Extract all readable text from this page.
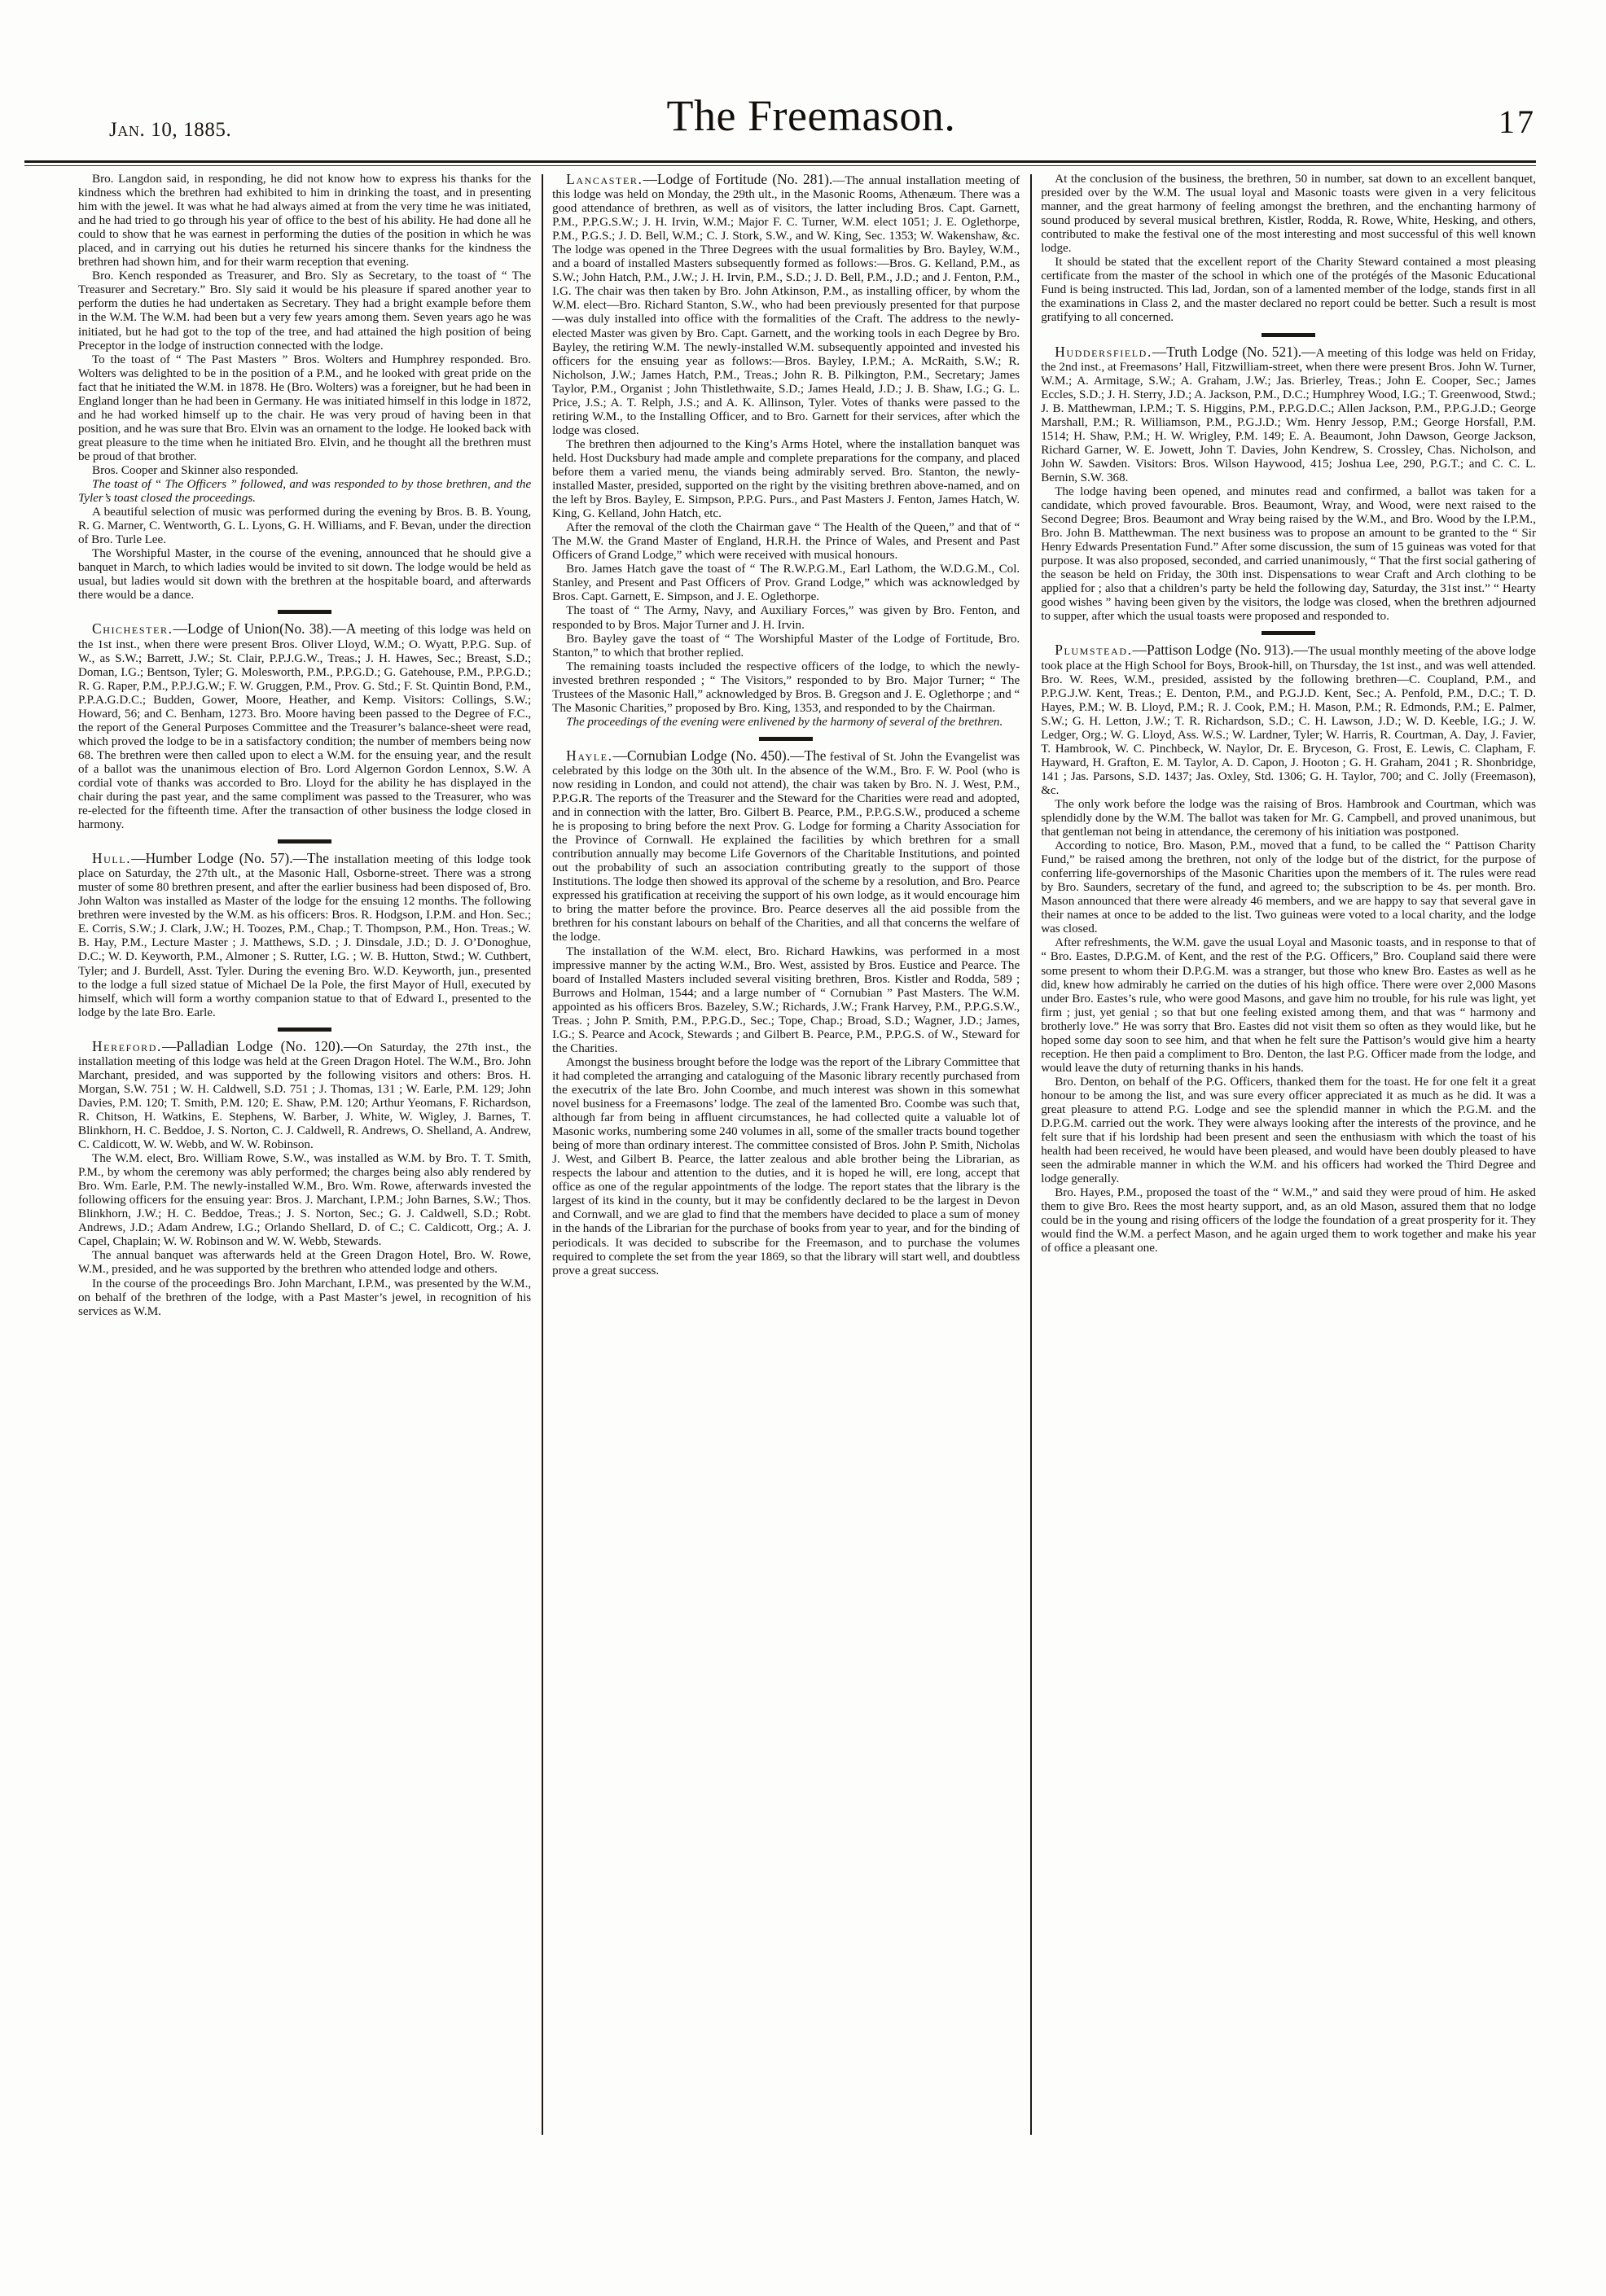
Jan. 10, 1885.	The Freemason.	17

Bro. Langdon said, in responding, he did not know how to express his thanks for the kindness which the brethren had exhibited to him in drinking the toast, and in presenting him with the jewel. It was what he had always aimed at from the very time he was initiated, and he had tried to go through his year of office to the best of his ability. He had done all he could to show that he was earnest in performing the duties of the position in which he was placed, and in carrying out his duties he returned his sincere thanks for the kindness the brethren had shown him, and for their warm reception that evening.

Bro. Kench responded as Treasurer, and Bro. Sly as Secretary, to the toast of “ The Treasurer and Secretary.” Bro. Sly said it would be his pleasure if spared another year to perform the duties he had undertaken as Secretary. They had a bright example before them in the W.M. The W.M. had been but a very few years among them. Seven years ago he was initiated, but he had got to the top of the tree, and had attained the high position of being Preceptor in the lodge of instruction connected with the lodge.

To the toast of “ The Past Masters ” Bros. Wolters and Humphrey responded. Bro. Wolters was delighted to be in the position of a P.M., and he looked with great pride on the fact that he initiated the W.M. in 1878. He (Bro. Wolters) was a foreigner, but he had been in England longer than he had been in Germany. He was initiated himself in this lodge in 1872, and he had worked himself up to the chair. He was very proud of having been in that position, and he was sure that Bro. Elvin was an ornament to the lodge. He looked back with great pleasure to the time when he initiated Bro. Elvin, and he thought all the brethren must be proud of that brother.

Bros. Cooper and Skinner also responded.

The toast of “ The Officers ” followed, and was responded to by those brethren, and the Tyler’s toast closed the proceedings.

A beautiful selection of music was performed during the evening by Bros. B. B. Young, R. G. Marner, C. Wentworth, G. L. Lyons, G. H. Williams, and F. Bevan, under the direction of Bro. Turle Lee.

The Worshipful Master, in the course of the evening, announced that he should give a banquet in March, to which ladies would be invited to sit down. The lodge would be held as usual, but ladies would sit down with the brethren at the hospitable board, and afterwards there would be a dance.

Chichester.—Lodge of Union(No. 38).—A meeting of this lodge was held on the 1st inst., when there were present Bros. Oliver Lloyd, W.M.; O. Wyatt, P.P.G. Sup. of W., as S.W.; Barrett, J.W.; St. Clair, P.P.J.G.W., Treas.; J. H. Hawes, Sec.; Breast, S.D.; Doman, I.G.; Bentson, Tyler; G. Molesworth, P.M., P.P.G.D.; G. Gatehouse, P.M., P.P.G.D.; R. G. Raper, P.M., P.P.J.G.W.; F. W. Gruggen, P.M., Prov. G. Std.; F. St. Quintin Bond, P.M., P.P.A.G.D.C.; Budden, Gower, Moore, Heather, and Kemp. Visitors: Collings, S.W.; Howard, 56; and C. Benham, 1273. Bro. Moore having been passed to the Degree of F.C., the report of the General Purposes Committee and the Treasurer’s balance-sheet were read, which proved the lodge to be in a satisfactory condition; the number of members being now 68. The brethren were then called upon to elect a W.M. for the ensuing year, and the result of a ballot was the unanimous election of Bro. Lord Algernon Gordon Lennox, S.W. A cordial vote of thanks was accorded to Bro. Lloyd for the ability he has displayed in the chair during the past year, and the same compliment was passed to the Treasurer, who was re-elected for the fifteenth time. After the transaction of other business the lodge closed in harmony.

Hull.—Humber Lodge (No. 57).—The installation meeting of this lodge took place on Saturday, the 27th ult., at the Masonic Hall, Osborne-street. There was a strong muster of some 80 brethren present, and after the earlier business had been disposed of, Bro. John Walton was installed as Master of the lodge for the ensuing 12 months. The following brethren were invested by the W.M. as his officers: Bros. R. Hodgson, I.P.M. and Hon. Sec.; E. Corris, S.W.; J. Clark, J.W.; H. Toozes, P.M., Chap.; T. Thompson, P.M., Hon. Treas.; W. B. Hay, P.M., Lecture Master ; J. Matthews, S.D. ; J. Dinsdale, J.D.; D. J. O’Donoghue, D.C.; W. D. Keyworth, P.M., Almoner ; S. Rutter, I.G. ; W. B. Hutton, Stwd.; W. Cuthbert, Tyler; and J. Burdell, Asst. Tyler. During the evening Bro. W.D. Keyworth, jun., presented to the lodge a full sized statue of Michael De la Pole, the first Mayor of Hull, executed by himself, which will form a worthy companion statue to that of Edward I., presented to the lodge by the late Bro. Earle.

Hereford.—Palladian Lodge (No. 120).—On Saturday, the 27th inst., the installation meeting of this lodge was held at the Green Dragon Hotel. The W.M., Bro. John Marchant, presided, and was supported by the following visitors and others: Bros. H. Morgan, S.W. 751 ; W. H. Caldwell, S.D. 751 ; J. Thomas, 131 ; W. Earle, P.M. 129; John Davies, P.M. 120; T. Smith, P.M. 120; E. Shaw, P.M. 120; Arthur Yeomans, F. Richardson, R. Chitson, H. Watkins, E. Stephens, W. Barber, J. White, W. Wigley, J. Barnes, T. Blinkhorn, H. C. Beddoe, J. S. Norton, C. J. Caldwell, R. Andrews, O. Shelland, A. Andrew, C. Caldicott, W. W. Webb, and W. W. Robinson.

The W.M. elect, Bro. William Rowe, S.W., was installed as W.M. by Bro. T. T. Smith, P.M., by whom the ceremony was ably performed; the charges being also ably rendered by Bro. Wm. Earle, P.M. The newly-installed W.M., Bro. Wm. Rowe, afterwards invested the following officers for the ensuing year: Bros. J. Marchant, I.P.M.; John Barnes, S.W.; Thos. Blinkhorn, J.W.; H. C. Beddoe, Treas.; J. S. Norton, Sec.; G. J. Caldwell, S.D.; Robt. Andrews, J.D.; Adam Andrew, I.G.; Orlando Shellard, D. of C.; C. Caldicott, Org.; A. J. Capel, Chaplain; W. W. Robinson and W. W. Webb, Stewards.

The annual banquet was afterwards held at the Green Dragon Hotel, Bro. W. Rowe, W.M., presided, and he was supported by the brethren who attended lodge and others.

In the course of the proceedings Bro. John Marchant, I.P.M., was presented by the W.M., on behalf of the brethren of the lodge, with a Past Master’s jewel, in recognition of his services as W.M.

Lancaster.—Lodge of Fortitude (No. 281).—The annual installation meeting of this lodge was held on Monday, the 29th ult., in the Masonic Rooms, Athenæum. There was a good attendance of brethren, as well as of visitors, the latter including Bros. Capt. Garnett, P.M., P.P.G.S.W.; J. H. Irvin, W.M.; Major F. C. Turner, W.M. elect 1051; J. E. Oglethorpe, P.M., P.G.S.; J. D. Bell, W.M.; C. J. Stork, S.W., and W. King, Sec. 1353; W. Wakenshaw, &c. The lodge was opened in the Three Degrees with the usual formalities by Bro. Bayley, W.M., and a board of installed Masters subsequently formed as follows:—Bros. G. Kelland, P.M., as S.W.; John Hatch, P.M., J.W.; J. H. Irvin, P.M., S.D.; J. D. Bell, P.M., J.D.; and J. Fenton, P.M., I.G. The chair was then taken by Bro. John Atkinson, P.M., as installing officer, by whom the W.M. elect—Bro. Richard Stanton, S.W., who had been previously presented for that purpose—was duly installed into office with the formalities of the Craft. The address to the newly-elected Master was given by Bro. Capt. Garnett, and the working tools in each Degree by Bro. Bayley, the retiring W.M. The newly-installed W.M. subsequently appointed and invested his officers for the ensuing year as follows:—Bros. Bayley, I.P.M.; A. McRaith, S.W.; R. Nicholson, J.W.; James Hatch, P.M., Treas.; John R. B. Pilkington, P.M., Secretary; James Taylor, P.M., Organist ; John Thistlethwaite, S.D.; James Heald, J.D.; J. B. Shaw, I.G.; G. L. Price, J.S.; A. T. Relph, J.S.; and A. K. Allinson, Tyler. Votes of thanks were passed to the retiring W.M., to the Installing Officer, and to Bro. Garnett for their services, after which the lodge was closed.

The brethren then adjourned to the King’s Arms Hotel, where the installation banquet was held. Host Ducksbury had made ample and complete preparations for the company, and placed before them a varied menu, the viands being admirably served. Bro. Stanton, the newly-installed Master, presided, supported on the right by the visiting brethren above-named, and on the left by Bros. Bayley, E. Simpson, P.P.G. Purs., and Past Masters J. Fenton, James Hatch, W. King, G. Kelland, John Hatch, etc.

After the removal of the cloth the Chairman gave “ The Health of the Queen,” and that of “ The M.W. the Grand Master of England, H.R.H. the Prince of Wales, and Present and Past Officers of Grand Lodge,” which were received with musical honours.

Bro. James Hatch gave the toast of “ The R.W.P.G.M., Earl Lathom, the W.D.G.M., Col. Stanley, and Present and Past Officers of Prov. Grand Lodge,” which was acknowledged by Bros. Capt. Garnett, E. Simpson, and J. E. Oglethorpe.

The toast of “ The Army, Navy, and Auxiliary Forces,” was given by Bro. Fenton, and responded to by Bros. Major Turner and J. H. Irvin.

Bro. Bayley gave the toast of “ The Worshipful Master of the Lodge of Fortitude, Bro. Stanton,” to which that brother replied.

The remaining toasts included the respective officers of the lodge, to which the newly-invested brethren responded ; “ The Visitors,” responded to by Bro. Major Turner; “ The Trustees of the Masonic Hall,” acknowledged by Bros. B. Gregson and J. E. Oglethorpe ; and “ The Masonic Charities,” proposed by Bro. King, 1353, and responded to by the Chairman.

The proceedings of the evening were enlivened by the harmony of several of the brethren.

Hayle.—Cornubian Lodge (No. 450).—The festival of St. John the Evangelist was celebrated by this lodge on the 30th ult. In the absence of the W.M., Bro. F. W. Pool (who is now residing in London, and could not attend), the chair was taken by Bro. N. J. West, P.M., P.P.G.R. The reports of the Treasurer and the Steward for the Charities were read and adopted, and in connection with the latter, Bro. Gilbert B. Pearce, P.M., P.P.G.S.W., produced a scheme he is proposing to bring before the next Prov. G. Lodge for forming a Charity Association for the Province of Cornwall. He explained the facilities by which brethren for a small contribution annually may become Life Governors of the Charitable Institutions, and pointed out the probability of such an association contributing greatly to the support of those Institutions. The lodge then showed its approval of the scheme by a resolution, and Bro. Pearce expressed his gratification at receiving the support of his own lodge, as it would encourage him to bring the matter before the province. Bro. Pearce deserves all the aid possible from the brethren for his constant labours on behalf of the Charities, and all that concerns the welfare of the lodge.

The installation of the W.M. elect, Bro. Richard Hawkins, was performed in a most impressive manner by the acting W.M., Bro. West, assisted by Bros. Eustice and Pearce. The board of Installed Masters included several visiting brethren, Bros. Kistler and Rodda, 589 ; Burrows and Holman, 1544; and a large number of “ Cornubian ” Past Masters. The W.M. appointed as his officers Bros. Bazeley, S.W.; Richards, J.W.; Frank Harvey, P.M., P.P.G.S.W., Treas. ; John P. Smith, P.M., P.P.G.D., Sec.; Tope, Chap.; Broad, S.D.; Wagner, J.D.; James, I.G.; S. Pearce and Acock, Stewards ; and Gilbert B. Pearce, P.M., P.P.G.S. of W., Steward for the Charities.

Amongst the business brought before the lodge was the report of the Library Committee that it had completed the arranging and cataloguing of the Masonic library recently purchased from the executrix of the late Bro. John Coombe, and much interest was shown in this somewhat novel business for a Freemasons’ lodge. The zeal of the lamented Bro. Coombe was such that, although far from being in affluent circumstances, he had collected quite a valuable lot of Masonic works, numbering some 240 volumes in all, some of the smaller tracts bound together being of more than ordinary interest. The committee consisted of Bros. John P. Smith, Nicholas J. West, and Gilbert B. Pearce, the latter zealous and able brother being the Librarian, as respects the labour and attention to the duties, and it is hoped he will, ere long, accept that office as one of the regular appointments of the lodge. The report states that the library is the largest of its kind in the county, but it may be confidently declared to be the largest in Devon and Cornwall, and we are glad to find that the members have decided to place a sum of money in the hands of the Librarian for the purchase of books from year to year, and for the binding of periodicals. It was decided to subscribe for the Freemason, and to purchase the volumes required to complete the set from the year 1869, so that the library will start well, and doubtless prove a great success.

At the conclusion of the business, the brethren, 50 in number, sat down to an excellent banquet, presided over by the W.M. The usual loyal and Masonic toasts were given in a very felicitous manner, and the great harmony of feeling amongst the brethren, and the enchanting harmony of sound produced by several musical brethren, Kistler, Rodda, R. Rowe, White, Hesking, and others, contributed to make the festival one of the most interesting and most successful of this well known lodge.

It should be stated that the excellent report of the Charity Steward contained a most pleasing certificate from the master of the school in which one of the protégés of the Masonic Educational Fund is being instructed. This lad, Jordan, son of a lamented member of the lodge, stands first in all the examinations in Class 2, and the master declared no report could be better. Such a result is most gratifying to all concerned.

Huddersfield.—Truth Lodge (No. 521).—A meeting of this lodge was held on Friday, the 2nd inst., at Freemasons’ Hall, Fitzwilliam-street, when there were present Bros. John W. Turner, W.M.; A. Armitage, S.W.; A. Graham, J.W.; Jas. Brierley, Treas.; John E. Cooper, Sec.; James Eccles, S.D.; J. H. Sterry, J.D.; A. Jackson, P.M., D.C.; Humphrey Wood, I.G.; T. Greenwood, Stwd.; J. B. Matthewman, I.P.M.; T. S. Higgins, P.M., P.P.G.D.C.; Allen Jackson, P.M., P.P.G.J.D.; George Marshall, P.M.; R. Williamson, P.M., P.G.J.D.; Wm. Henry Jessop, P.M.; George Horsfall, P.M. 1514; H. Shaw, P.M.; H. W. Wrigley, P.M. 149; E. A. Beaumont, John Dawson, George Jackson, Richard Garner, W. E. Jowett, John T. Davies, John Kendrew, S. Crossley, Chas. Nicholson, and John W. Sawden. Visitors: Bros. Wilson Haywood, 415; Joshua Lee, 290, P.G.T.; and C. C. L. Bernin, S.W. 368.

The lodge having been opened, and minutes read and confirmed, a ballot was taken for a candidate, which proved favourable. Bros. Beaumont, Wray, and Wood, were next raised to the Second Degree; Bros. Beaumont and Wray being raised by the W.M., and Bro. Wood by the I.P.M., Bro. John B. Matthewman. The next business was to propose an amount to be granted to the “ Sir Henry Edwards Presentation Fund.” After some discussion, the sum of 15 guineas was voted for that purpose. It was also proposed, seconded, and carried unanimously, “ That the first social gathering of the season be held on Friday, the 30th inst. Dispensations to wear Craft and Arch clothing to be applied for ; also that a children’s party be held the following day, Saturday, the 31st inst.” “ Hearty good wishes ” having been given by the visitors, the lodge was closed, when the brethren adjourned to supper, after which the usual toasts were proposed and responded to.

Plumstead.—Pattison Lodge (No. 913).—The usual monthly meeting of the above lodge took place at the High School for Boys, Brook-hill, on Thursday, the 1st inst., and was well attended. Bro. W. Rees, W.M., presided, assisted by the following brethren—C. Coupland, P.M., and P.P.G.J.W. Kent, Treas.; E. Denton, P.M., and P.G.J.D. Kent, Sec.; A. Penfold, P.M., D.C.; T. D. Hayes, P.M.; W. B. Lloyd, P.M.; R. J. Cook, P.M.; H. Mason, P.M.; R. Edmonds, P.M.; E. Palmer, S.W.; G. H. Letton, J.W.; T. R. Richardson, S.D.; C. H. Lawson, J.D.; W. D. Keeble, I.G.; J. W. Ledger, Org.; W. G. Lloyd, Ass. W.S.; W. Lardner, Tyler; W. Harris, R. Courtman, A. Day, J. Favier, T. Hambrook, W. C. Pinchbeck, W. Naylor, Dr. E. Bryceson, G. Frost, E. Lewis, C. Clapham, F. Hayward, H. Grafton, E. M. Taylor, A. D. Capon, J. Hooton ; G. H. Graham, 2041 ; R. Shonbridge, 141 ; Jas. Parsons, S.D. 1437; Jas. Oxley, Std. 1306; G. H. Taylor, 700; and C. Jolly (Freemason), &c.

The only work before the lodge was the raising of Bros. Hambrook and Courtman, which was splendidly done by the W.M. The ballot was taken for Mr. G. Campbell, and proved unanimous, but that gentleman not being in attendance, the ceremony of his initiation was postponed.

According to notice, Bro. Mason, P.M., moved that a fund, to be called the “ Pattison Charity Fund,” be raised among the brethren, not only of the lodge but of the district, for the purpose of conferring life-governorships of the Masonic Charities upon the members of it. The rules were read by Bro. Saunders, secretary of the fund, and agreed to; the subscription to be 4s. per month. Bro. Mason announced that there were already 46 members, and we are happy to say that several gave in their names at once to be added to the list. Two guineas were voted to a local charity, and the lodge was closed.

After refreshments, the W.M. gave the usual Loyal and Masonic toasts, and in response to that of “ Bro. Eastes, D.P.G.M. of Kent, and the rest of the P.G. Officers,” Bro. Coupland said there were some present to whom their D.P.G.M. was a stranger, but those who knew Bro. Eastes as well as he did, knew how admirably he carried on the duties of his high office. There were over 2,000 Masons under Bro. Eastes’s rule, who were good Masons, and gave him no trouble, for his rule was light, yet firm ; just, yet genial ; so that but one feeling existed among them, and that was “ harmony and brotherly love.” He was sorry that Bro. Eastes did not visit them so often as they would like, but he hoped some day soon to see him, and that when he felt sure the Pattison’s would give him a hearty reception. He then paid a compliment to Bro. Denton, the last P.G. Officer made from the lodge, and would leave the duty of returning thanks in his hands.

Bro. Denton, on behalf of the P.G. Officers, thanked them for the toast. He for one felt it a great honour to be among the list, and was sure every officer appreciated it as much as he did. It was a great pleasure to attend P.G. Lodge and see the splendid manner in which the P.G.M. and the D.P.G.M. carried out the work. They were always looking after the interests of the province, and he felt sure that if his lordship had been present and seen the enthusiasm with which the toast of his health had been received, he would have been pleased, and would have been doubly pleased to have seen the admirable manner in which the W.M. and his officers had worked the Third Degree and lodge generally.

Bro. Hayes, P.M., proposed the toast of the “ W.M.,” and said they were proud of him. He asked them to give Bro. Rees the most hearty support, and, as an old Mason, assured them that no lodge could be in the young and rising officers of the lodge the foundation of a great prosperity for it. They would find the W.M. a perfect Mason, and he again urged them to work together and make his year of office a pleasant one.
